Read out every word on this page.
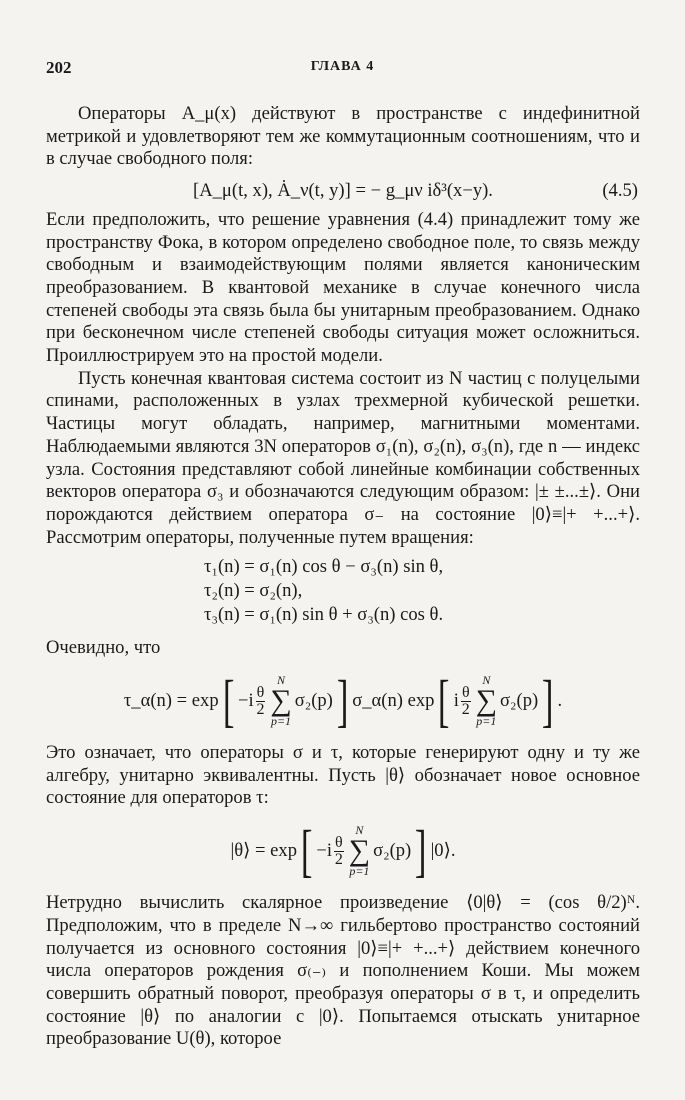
202	ГЛАВА 4

Операторы A_μ(x) действуют в пространстве с индефинитной метрикой и удовлетворяют тем же коммутационным соотношениям, что и в случае свободного поля:

[A_μ(t, x), Ȧ_ν(t, y)] = − g_μν iδ³(x−y).	(4.5)

Если предположить, что решение уравнения (4.4) принадлежит тому же пространству Фока, в котором определено свободное поле, то связь между свободным и взаимодействующим полями является каноническим преобразованием. В квантовой механике в случае конечного числа степеней свободы эта связь была бы унитарным преобразованием. Однако при бесконечном числе степеней свободы ситуация может осложниться. Проиллюстрируем это на простой модели.

Пусть конечная квантовая система состоит из N частиц с полуцелыми спинами, расположенных в узлах трехмерной кубической решетки. Частицы могут обладать, например, магнитными моментами. Наблюдаемыми являются 3N операторов σ₁(n), σ₂(n), σ₃(n), где n — индекс узла. Состояния представляют собой линейные комбинации собственных векторов оператора σ₃ и обозначаются следующим образом: |± ±...±⟩. Они порождаются действием оператора σ₋ на состояние |0⟩≡|+ +...+⟩. Рассмотрим операторы, полученные путем вращения:

τ₁(n) = σ₁(n) cos θ − σ₃(n) sin θ,
τ₂(n) = σ₂(n),
τ₃(n) = σ₁(n) sin θ + σ₃(n) cos θ.

Очевидно, что

τ_α(n) = exp [ $-i \frac{\theta}{2}$
N
∑
p=1
σ₂(p) ] σ_α(n) exp [ i $\frac{\theta}{2}$
N
∑
p=1
σ₂(p) ] .

Это означает, что операторы σ и τ, которые генерируют одну и ту же алгебру, унитарно эквивалентны. Пусть |θ⟩ обозначает новое основное состояние для операторов τ:

|θ⟩ = exp [ $-i \frac{\theta}{2}$
N
∑
p=1
σ₂(p) ] |0⟩.

Нетрудно вычислить скалярное произведение ⟨0|θ⟩ = (cos θ/2)ᴺ. Предположим, что в пределе N→∞ гильбертово пространство состояний получается из основного состояния |0⟩≡|+ +...+⟩ действием конечного числа операторов рождения σ₍₋₎ и пополнением Коши. Мы можем совершить обратный поворот, преобразуя операторы σ в τ, и определить состояние |θ⟩ по аналогии с |0⟩. Попытаемся отыскать унитарное преобразование U(θ), которое
